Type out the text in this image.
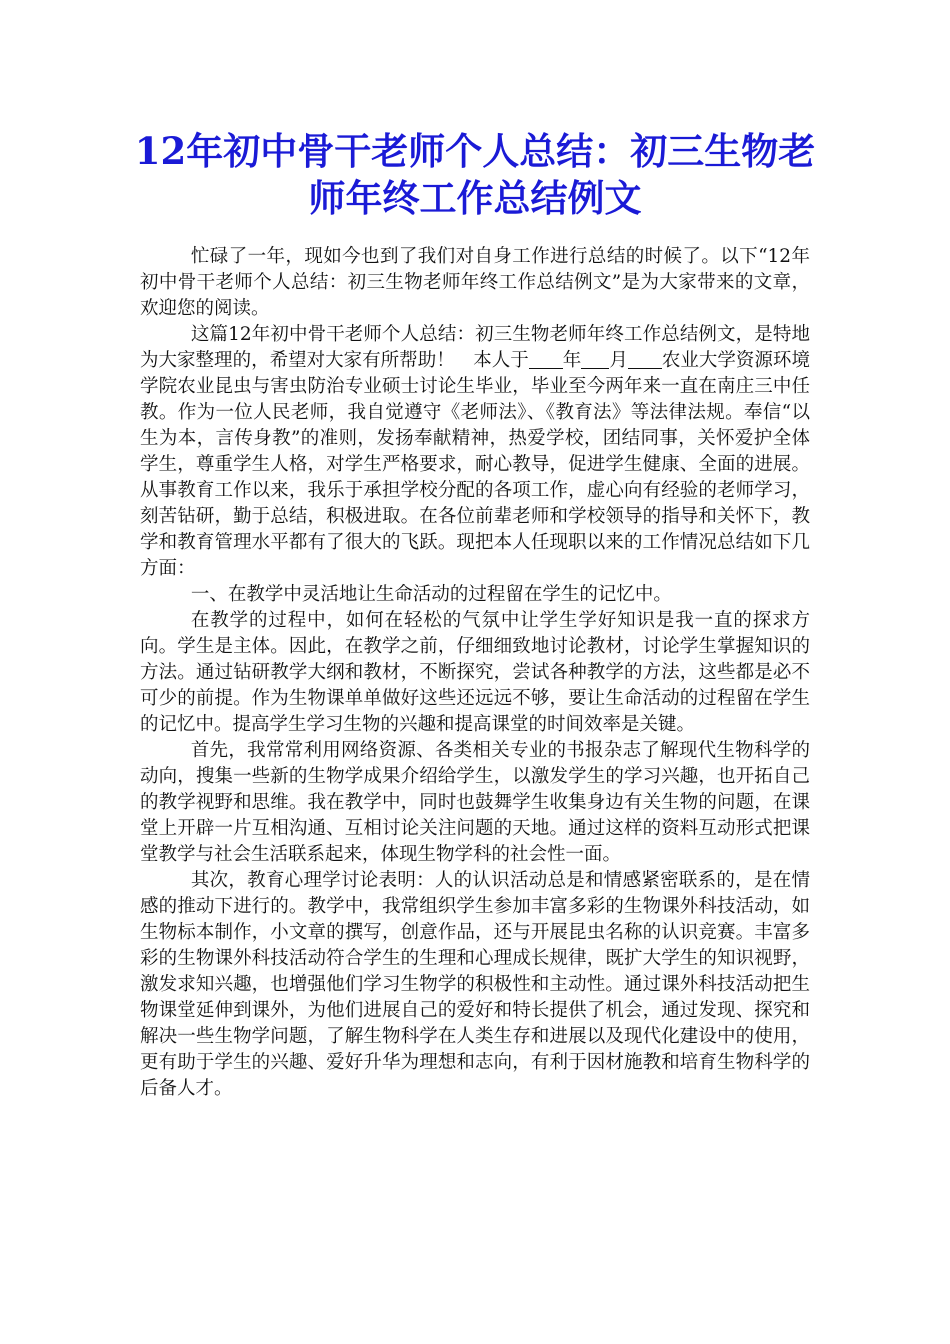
12年初中骨干老师个人总结：初三生物老师年终工作总结例文

忙碌了一年，现如今也到了我们对自身工作进行总结的时候了。以下“12年初中骨干老师个人总结：初三生物老师年终工作总结例文”是为大家带来的文章，欢迎您的阅读。

这篇12年初中骨干老师个人总结：初三生物老师年终工作总结例文，是特地为大家整理的，希望对大家有所帮助！　本人于 年 月 农业大学资源环境学院农业昆虫与害虫防治专业硕士讨论生毕业，毕业至今两年来一直在南庄三中任教。作为一位人民老师，我自觉遵守《老师法》、《教育法》等法律法规。奉信“以生为本，言传身教”的准则，发扬奉献精神，热爱学校，团结同事，关怀爱护全体学生，尊重学生人格，对学生严格要求，耐心教导，促进学生健康、全面的进展。从事教育工作以来，我乐于承担学校分配的各项工作，虚心向有经验的老师学习，刻苦钻研，勤于总结，积极进取。在各位前辈老师和学校领导的指导和关怀下，教学和教育管理水平都有了很大的飞跃。现把本人任现职以来的工作情况总结如下几方面：

一、在教学中灵活地让生命活动的过程留在学生的记忆中。

在教学的过程中，如何在轻松的气氛中让学生学好知识是我一直的探求方向。学生是主体。因此，在教学之前，仔细细致地讨论教材，讨论学生掌握知识的方法。通过钻研教学大纲和教材，不断探究，尝试各种教学的方法，这些都是必不可少的前提。作为生物课单单做好这些还远远不够，要让生命活动的过程留在学生的记忆中。提高学生学习生物的兴趣和提高课堂的时间效率是关键。

首先，我常常利用网络资源、各类相关专业的书报杂志了解现代生物科学的动向，搜集一些新的生物学成果介绍给学生，以激发学生的学习兴趣，也开拓自己的教学视野和思维。我在教学中，同时也鼓舞学生收集身边有关生物的问题，在课堂上开辟一片互相沟通、互相讨论关注问题的天地。通过这样的资料互动形式把课堂教学与社会生活联系起来，体现生物学科的社会性一面。

其次，教育心理学讨论表明：人的认识活动总是和情感紧密联系的，是在情感的推动下进行的。教学中，我常组织学生参加丰富多彩的生物课外科技活动，如生物标本制作，小文章的撰写，创意作品，还与开展昆虫名称的认识竞赛。丰富多彩的生物课外科技活动符合学生的生理和心理成长规律，既扩大学生的知识视野，激发求知兴趣，也增强他们学习生物学的积极性和主动性。通过课外科技活动把生物课堂延伸到课外，为他们进展自己的爱好和特长提供了机会，通过发现、探究和解决一些生物学问题，了解生物科学在人类生存和进展以及现代化建设中的使用，更有助于学生的兴趣、爱好升华为理想和志向，有利于因材施教和培育生物科学的后备人才。
